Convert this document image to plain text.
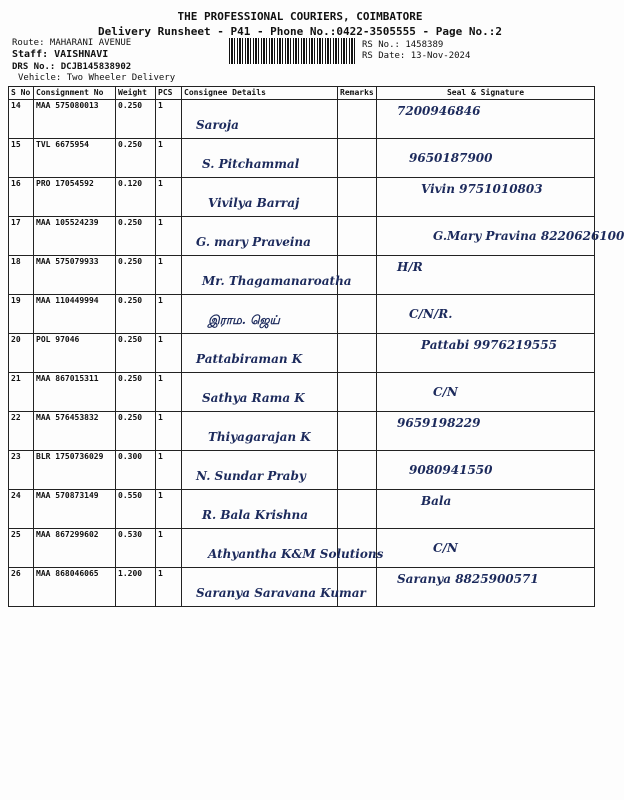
THE PROFESSIONAL COURIERS, COIMBATORE
Delivery Runsheet - P41 - Phone No.:0422-3505555 - Page No.:2
Route: MAHARANI AVENUE
Staff: VAISHNAVI
DRS No.: DCJB145838902
Vehicle: Two Wheeler Delivery
RS No.: 1458389
RS Date: 13-Nov-2024
S No	Consignment No	Weight	PCS	Consignee Details	Remarks	Seal & Signature
14	MAA 575080013	0.250	1	Saroja		7200946846

15	TVL 6675954	0.250	1	S. Pitchammal		9650187900

16	PRO 17054592	0.120	1	Vivilya Barraj		Vivin 9751010803

17	MAA 105524239	0.250	1	G. mary Praveina		G.Mary Pravina 8220626100

18	MAA 575079933	0.250	1	Mr. Thagamanaroatha		H/R

19	MAA 110449994	0.250	1	இராம. ஜெய்		C/N/R.

20	POL 97046	0.250	1	Pattabiraman K		Pattabi 9976219555

21	MAA 867015311	0.250	1	Sathya Rama K		C/N

22	MAA 576453832	0.250	1	Thiyagarajan K		9659198229

23	BLR 1750736029	0.300	1	N. Sundar Praby		9080941550

24	MAA 570873149	0.550	1	R. Bala Krishna		Bala

25	MAA 867299602	0.530	1	Athyantha K&M Solutions		C/N

26	MAA 868046065	1.200	1	Saranya Saravana Kumar		Saranya 8825900571
